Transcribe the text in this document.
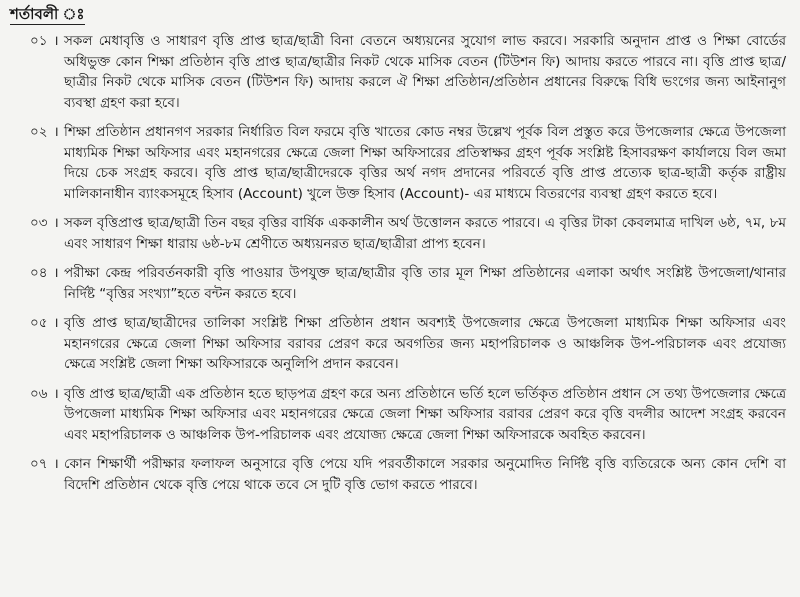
শর্তাবলী ঃ
০১ । সকল মেধাবৃত্তি ও সাধারণ বৃত্তি প্রাপ্ত ছাত্র/ছাত্রী বিনা বেতনে অধ্যয়নের সুযোগ লাভ করবে। সরকারি অনুদান প্রাপ্ত ও শিক্ষা বোর্ডের অধিভুক্ত কোন শিক্ষা প্রতিষ্ঠান বৃত্তি প্রাপ্ত ছাত্র/ছাত্রীর নিকট থেকে মাসিক বেতন (টিউশন ফি) আদায় করতে পারবে না। বৃত্তি প্রাপ্ত ছাত্র/ছাত্রীর নিকট থেকে মাসিক বেতন (টিউশন ফি) আদায় করলে ঐ শিক্ষা প্রতিষ্ঠান/প্রতিষ্ঠান প্রধানের বিরুদ্ধে বিধি ভংগের জন্য আইনানুগ ব্যবস্থা গ্রহণ করা হবে।
০২ । শিক্ষা প্রতিষ্ঠান প্রধানগণ সরকার নির্ধারিত বিল ফরমে বৃত্তি খাতের কোড নম্বর উল্লেখ পূর্বক বিল প্রস্তুত করে উপজেলার ক্ষেত্রে উপজেলা মাধ্যমিক শিক্ষা অফিসার এবং মহানগরের ক্ষেত্রে জেলা শিক্ষা অফিসারের প্রতিস্বাক্ষর গ্রহণ পূর্বক সংশ্লিষ্ট হিসাবরক্ষণ কার্যালয়ে বিল জমা দিয়ে চেক সংগ্রহ করবে। বৃত্তি প্রাপ্ত ছাত্র/ছাত্রীদেরকে বৃত্তির অর্থ নগদ প্রদানের পরিবর্তে বৃত্তি প্রাপ্ত প্রত্যেক ছাত্র-ছাত্রী কর্তৃক রাষ্ট্রীয় মালিকানাধীন ব্যাংকসমূহে হিসাব (Account) খুলে উক্ত হিসাব (Account)- এর মাধ্যমে বিতরণের ব্যবস্থা গ্রহণ করতে হবে।
০৩ । সকল বৃত্তিপ্রাপ্ত ছাত্র/ছাত্রী তিন বছর বৃত্তির বার্ষিক এককালীন অর্থ উত্তোলন করতে পারবে। এ বৃত্তির টাকা কেবলমাত্র দাখিল ৬ষ্ঠ, ৭ম, ৮ম এবং সাধারণ শিক্ষা ধারায় ৬ষ্ঠ-৮ম শ্রেণীতে অধ্যয়নরত ছাত্র/ছাত্রীরা প্রাপ্য হবেন।
০৪ । পরীক্ষা কেন্দ্র পরিবর্তনকারী বৃত্তি পাওয়ার উপযুক্ত ছাত্র/ছাত্রীর বৃত্তি তার মূল শিক্ষা প্রতিষ্ঠানের এলাকা অর্থাৎ সংশ্লিষ্ট উপজেলা/থানার নির্দিষ্ট “বৃত্তির সংখ্যা”হতে বন্টন করতে হবে।
০৫ । বৃত্তি প্রাপ্ত ছাত্র/ছাত্রীদের তালিকা সংশ্লিষ্ট শিক্ষা প্রতিষ্ঠান প্রধান অবশ্যই উপজেলার ক্ষেত্রে উপজেলা মাধ্যমিক শিক্ষা অফিসার এবং মহানগরের ক্ষেত্রে জেলা শিক্ষা অফিসার বরাবর প্রেরণ করে অবগতির জন্য মহাপরিচালক ও আঞ্চলিক উপ-পরিচালক এবং প্রযোজ্য ক্ষেত্রে সংশ্লিষ্ট জেলা শিক্ষা অফিসারকে অনুলিপি প্রদান করবেন।
০৬ । বৃত্তি প্রাপ্ত ছাত্র/ছাত্রী এক প্রতিষ্ঠান হতে ছাড়পত্র গ্রহণ করে অন্য প্রতিষ্ঠানে ভর্তি হলে ভর্তিকৃত প্রতিষ্ঠান প্রধান সে তথ্য উপজেলার ক্ষেত্রে উপজেলা মাধ্যমিক শিক্ষা অফিসার এবং মহানগরের ক্ষেত্রে জেলা শিক্ষা অফিসার বরাবর প্রেরণ করে বৃত্তি বদলীর আদেশ সংগ্রহ করবেন এবং মহাপরিচালক ও আঞ্চলিক উপ-পরিচালক এবং প্রযোজ্য ক্ষেত্রে জেলা শিক্ষা অফিসারকে অবহিত করবেন।
০৭ । কোন শিক্ষার্থী পরীক্ষার ফলাফল অনুসারে বৃত্তি পেয়ে যদি পরবর্তীকালে সরকার অনুমোদিত নির্দিষ্ট বৃত্তি ব্যতিরেকে অন্য কোন দেশি বা বিদেশি প্রতিষ্ঠান থেকে বৃত্তি পেয়ে থাকে তবে সে দুটি বৃত্তি ভোগ করতে পারবে।
